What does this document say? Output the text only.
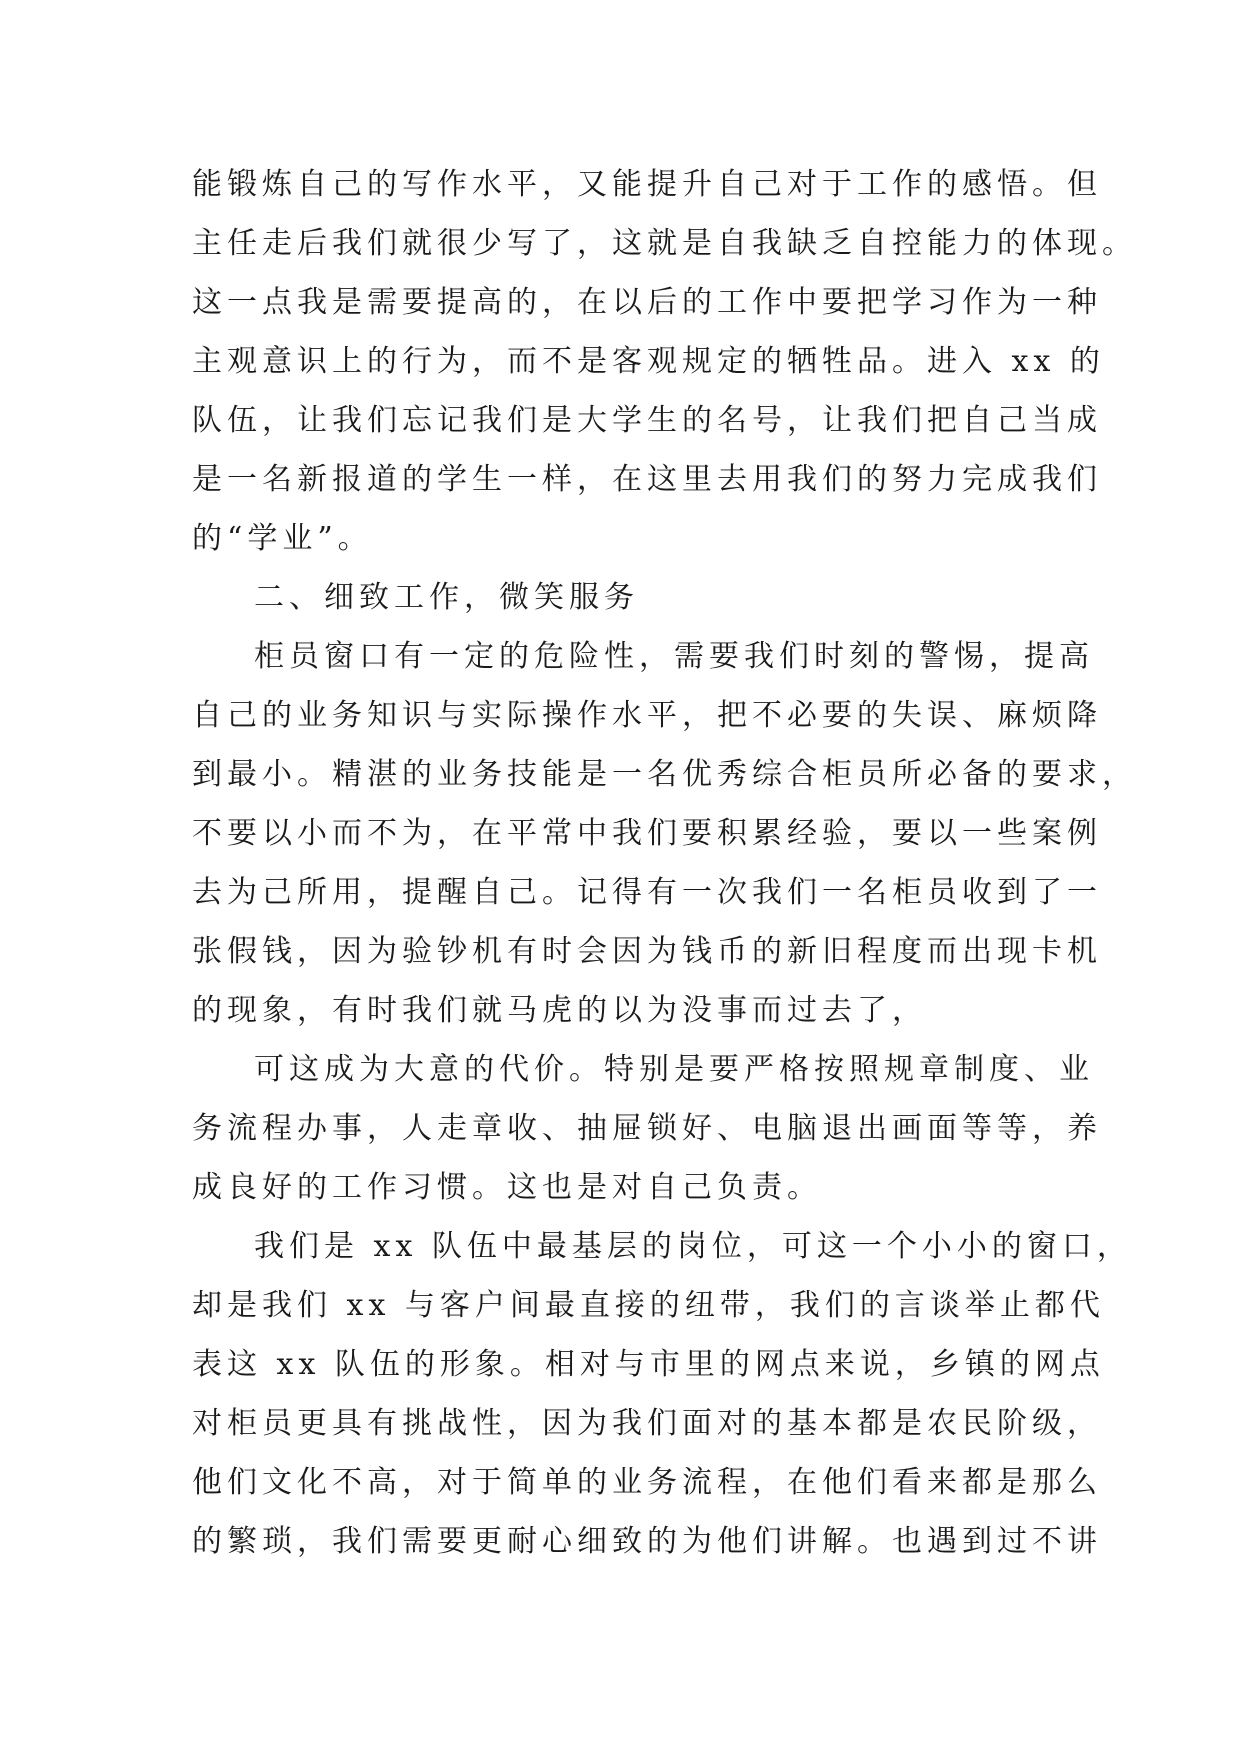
能锻炼自己的写作水平，又能提升自己对于工作的感悟。但
主任走后我们就很少写了，这就是自我缺乏自控能力的体现。
这一点我是需要提高的，在以后的工作中要把学习作为一种
主观意识上的行为，而不是客观规定的牺牲品。进入 xx 的
队伍，让我们忘记我们是大学生的名号，让我们把自己当成
是一名新报道的学生一样，在这里去用我们的努力完成我们
的“学业”。
二、细致工作，微笑服务
柜员窗口有一定的危险性，需要我们时刻的警惕，提高
自己的业务知识与实际操作水平，把不必要的失误、麻烦降
到最小。精湛的业务技能是一名优秀综合柜员所必备的要求，
不要以小而不为，在平常中我们要积累经验，要以一些案例
去为己所用，提醒自己。记得有一次我们一名柜员收到了一
张假钱，因为验钞机有时会因为钱币的新旧程度而出现卡机
的现象，有时我们就马虎的以为没事而过去了，
可这成为大意的代价。特别是要严格按照规章制度、业
务流程办事，人走章收、抽屉锁好、电脑退出画面等等，养
成良好的工作习惯。这也是对自己负责。
我们是 xx 队伍中最基层的岗位，可这一个小小的窗口，
却是我们 xx 与客户间最直接的纽带，我们的言谈举止都代
表这 xx 队伍的形象。相对与市里的网点来说，乡镇的网点
对柜员更具有挑战性，因为我们面对的基本都是农民阶级，
他们文化不高，对于简单的业务流程，在他们看来都是那么
的繁琐，我们需要更耐心细致的为他们讲解。也遇到过不讲
